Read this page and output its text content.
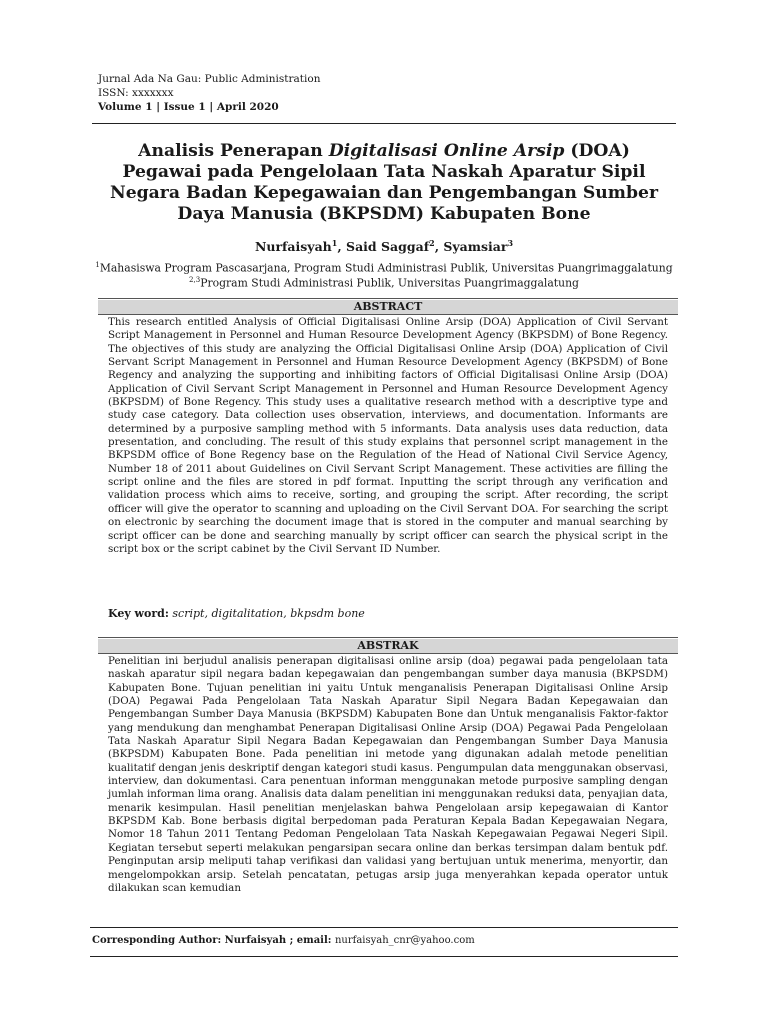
Jurnal Ada Na Gau: Public Administration
ISSN: xxxxxxx
Volume 1 | Issue 1 | April 2020
Analisis Penerapan Digitalisasi Online Arsip (DOA) Pegawai pada Pengelolaan Tata Naskah Aparatur Sipil Negara Badan Kepegawaian dan Pengembangan Sumber Daya Manusia (BKPSDM) Kabupaten Bone
Nurfaisyah$^1$, Said Saggaf$^2$, Syamsiar$^3$
$^1$Mahasiswa Program Pascasarjana, Program Studi Administrasi Publik, Universitas Puangrimaggalatung
$^{2,3}$Program Studi Administrasi Publik, Universitas Puangrimaggalatung
ABSTRACT
This research entitled Analysis of Official Digitalisasi Online Arsip (DOA) Application of Civil Servant Script Management in Personnel and Human Resource Development Agency (BKPSDM) of Bone Regency. The objectives of this study are analyzing the Official Digitalisasi Online Arsip (DOA) Application of Civil Servant Script Management in Personnel and Human Resource Development Agency (BKPSDM) of Bone Regency and analyzing the supporting and inhibiting factors of Official Digitalisasi Online Arsip (DOA) Application of Civil Servant Script Management in Personnel and Human Resource Development Agency (BKPSDM) of Bone Regency. This study uses a qualitative research method with a descriptive type and study case category. Data collection uses observation, interviews, and documentation. Informants are determined by a purposive sampling method with 5 informants. Data analysis uses data reduction, data presentation, and concluding. The result of this study explains that personnel script management in the BKPSDM office of Bone Regency base on the Regulation of the Head of National Civil Service Agency, Number 18 of 2011 about Guidelines on Civil Servant Script Management. These activities are filling the script online and the files are stored in pdf format. Inputting the script through any verification and validation process which aims to receive, sorting, and grouping the script. After recording, the script officer will give the operator to scanning and uploading on the Civil Servant DOA. For searching the script on electronic by searching the document image that is stored in the computer and manual searching by script officer can be done and searching manually by script officer can search the physical script in the script box or the script cabinet by the Civil Servant ID Number.
Key word: script, digitalitation, bkpsdm bone
ABSTRAK
Penelitian ini berjudul analisis penerapan digitalisasi online arsip (doa) pegawai pada pengelolaan tata naskah aparatur sipil negara badan kepegawaian dan pengembangan sumber daya manusia (BKPSDM) Kabupaten Bone. Tujuan penelitian ini yaitu Untuk menganalisis Penerapan Digitalisasi Online Arsip (DOA) Pegawai Pada Pengelolaan Tata Naskah Aparatur Sipil Negara Badan Kepegawaian dan Pengembangan Sumber Daya Manusia (BKPSDM) Kabupaten Bone dan Untuk menganalisis Faktor-faktor yang mendukung dan menghambat Penerapan Digitalisasi Online Arsip (DOA) Pegawai Pada Pengelolaan Tata Naskah Aparatur Sipil Negara Badan Kepegawaian dan Pengembangan Sumber Daya Manusia (BKPSDM) Kabupaten Bone. Pada penelitian ini metode yang digunakan adalah metode penelitian kualitatif dengan jenis deskriptif dengan kategori studi kasus. Pengumpulan data menggunakan observasi, interview, dan dokumentasi. Cara penentuan informan menggunakan metode purposive sampling dengan jumlah informan lima orang. Analisis data dalam penelitian ini menggunakan reduksi data, penyajian data, menarik kesimpulan. Hasil penelitian menjelaskan bahwa Pengelolaan arsip kepegawaian di Kantor BKPSDM Kab. Bone berbasis digital berpedoman pada Peraturan Kepala Badan Kepegawaian Negara, Nomor 18 Tahun 2011 Tentang Pedoman Pengelolaan Tata Naskah Kepegawaian Pegawai Negeri Sipil. Kegiatan tersebut seperti melakukan pengarsipan secara online dan berkas tersimpan dalam bentuk pdf. Penginputan arsip meliputi tahap verifikasi dan validasi yang bertujuan untuk menerima, menyortir, dan mengelompokkan arsip. Setelah pencatatan, petugas arsip juga menyerahkan kepada operator untuk dilakukan scan kemudian
Corresponding Author: Nurfaisyah ; email: nurfaisyah_cnr@yahoo.com
